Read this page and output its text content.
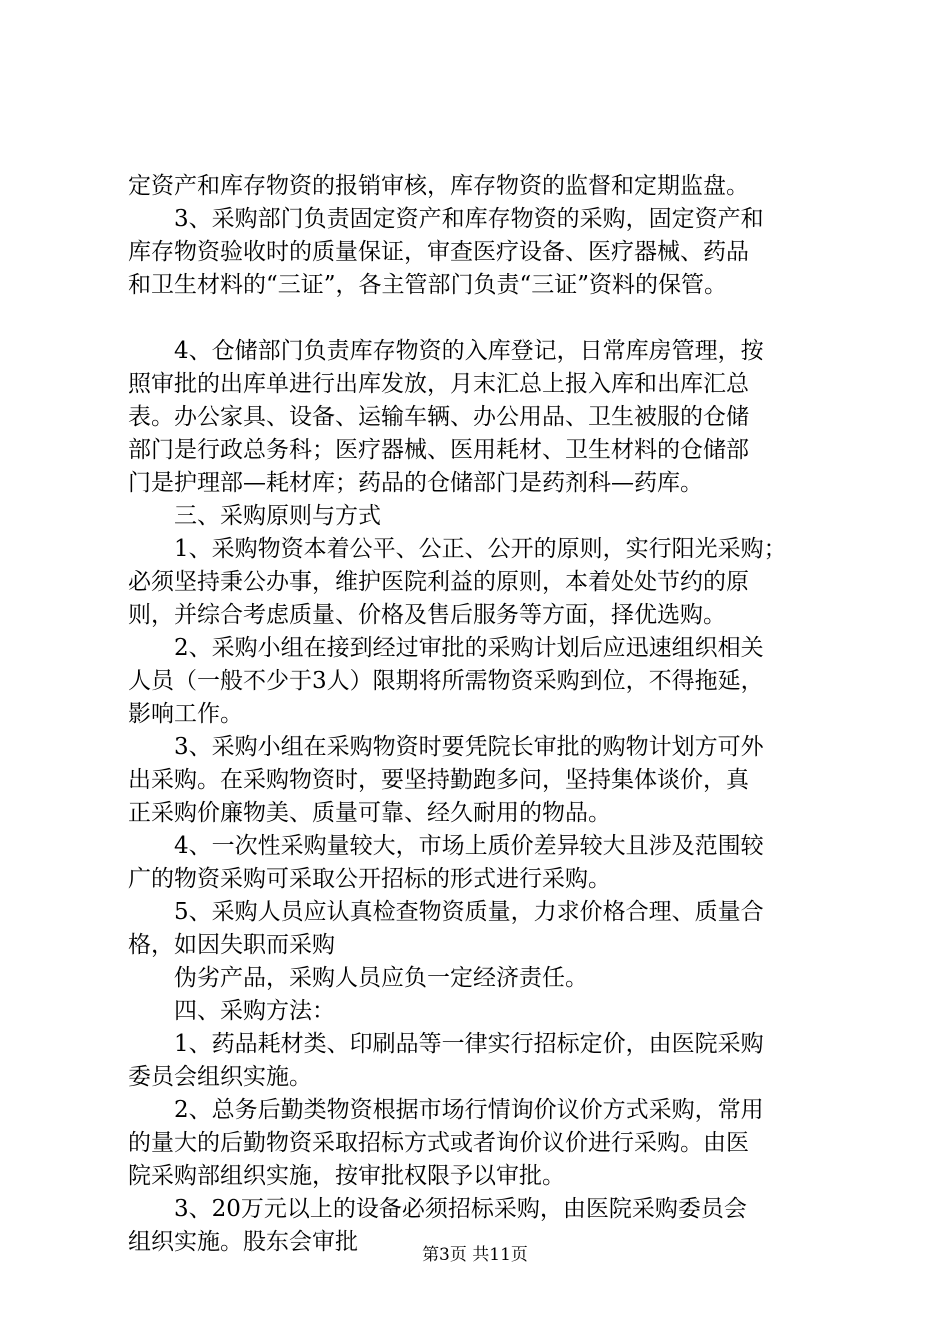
定资产和库存物资的报销审核，库存物资的监督和定期监盘。
3、采购部门负责固定资产和库存物资的采购，固定资产和
库存物资验收时的质量保证，审查医疗设备、医疗器械、药品
和卫生材料的“三证”，各主管部门负责“三证”资料的保管。
4、仓储部门负责库存物资的入库登记，日常库房管理，按
照审批的出库单进行出库发放，月末汇总上报入库和出库汇总
表。办公家具、设备、运输车辆、办公用品、卫生被服的仓储
部门是行政总务科；医疗器械、医用耗材、卫生材料的仓储部
门是护理部—耗材库；药品的仓储部门是药剂科—药库。
三、采购原则与方式
1、采购物资本着公平、公正、公开的原则，实行阳光采购；
必须坚持秉公办事，维护医院利益的原则，本着处处节约的原
则，并综合考虑质量、价格及售后服务等方面，择优选购。
2、采购小组在接到经过审批的采购计划后应迅速组织相关
人员（一般不少于3人）限期将所需物资采购到位，不得拖延，
影响工作。
3、采购小组在采购物资时要凭院长审批的购物计划方可外
出采购。在采购物资时，要坚持勤跑多问，坚持集体谈价，真
正采购价廉物美、质量可靠、经久耐用的物品。
4、一次性采购量较大，市场上质价差异较大且涉及范围较
广的物资采购可采取公开招标的形式进行采购。
5、采购人员应认真检查物资质量，力求价格合理、质量合
格，如因失职而采购
伪劣产品，采购人员应负一定经济责任。
四、采购方法：
1、药品耗材类、印刷品等一律实行招标定价，由医院采购
委员会组织实施。
2、总务后勤类物资根据市场行情询价议价方式采购，常用
的量大的后勤物资采取招标方式或者询价议价进行采购。由医
院采购部组织实施，按审批权限予以审批。
3、20万元以上的设备必须招标采购，由医院采购委员会
组织实施。股东会审批	第3页 共11页
